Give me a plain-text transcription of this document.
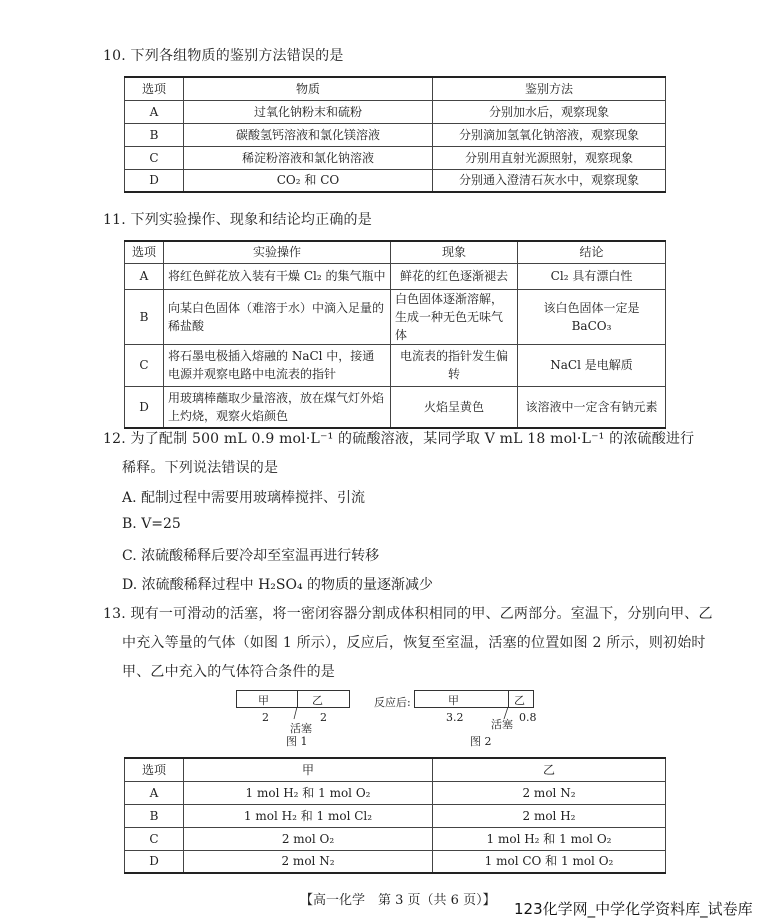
10. 下列各组物质的鉴别方法错误的是
选项	物质	鉴别方法
A	过氧化钠粉末和硫粉	分别加水后，观察现象
B	碳酸氢钙溶液和氯化镁溶液	分别滴加氢氧化钠溶液，观察现象
C	稀淀粉溶液和氯化钠溶液	分别用直射光源照射，观察现象
D	CO₂ 和 CO	分别通入澄清石灰水中，观察现象
11. 下列实验操作、现象和结论均正确的是
选项	实验操作	现象	结论
A	将红色鲜花放入装有干燥 Cl₂ 的集气瓶中	鲜花的红色逐渐褪去	Cl₂ 具有漂白性
B	向某白色固体（难溶于水）中滴入足量的稀盐酸	白色固体逐渐溶解，生成一种无色无味气体	该白色固体一定是 BaCO₃
C	将石墨电极插入熔融的 NaCl 中，接通电源并观察电路中电流表的指针	电流表的指针发生偏转	NaCl 是电解质
D	用玻璃棒蘸取少量溶液，放在煤气灯外焰上灼烧，观察火焰颜色	火焰呈黄色	该溶液中一定含有钠元素
12. 为了配制 500 mL 0.9 mol·L⁻¹ 的硫酸溶液，某同学取 V mL 18 mol·L⁻¹ 的浓硫酸进行
稀释。下列说法错误的是
A. 配制过程中需要用玻璃棒搅拌、引流
B. V=25
C. 浓硫酸稀释后要冷却至室温再进行转移
D. 浓硫酸稀释过程中 H₂SO₄ 的物质的量逐渐减少
13. 现有一可滑动的活塞，将一密闭容器分割成体积相同的甲、乙两部分。室温下，分别向甲、乙
中充入等量的气体（如图 1 所示），反应后，恢复至室温，活塞的位置如图 2 所示，则初始时
甲、乙中充入的气体符合条件的是
甲	乙
2	2
活塞
图 1
反应后:	甲	乙
3.2	0.8
活塞
图 2
选项	甲	乙
A	1 mol H₂ 和 1 mol O₂	2 mol N₂
B	1 mol H₂ 和 1 mol Cl₂	2 mol H₂
C	2 mol O₂	1 mol H₂ 和 1 mol O₂
D	2 mol N₂	1 mol CO 和 1 mol O₂
【高一化学　第 3 页（共 6 页）】 123化学网_中学化学资料库_试卷库
